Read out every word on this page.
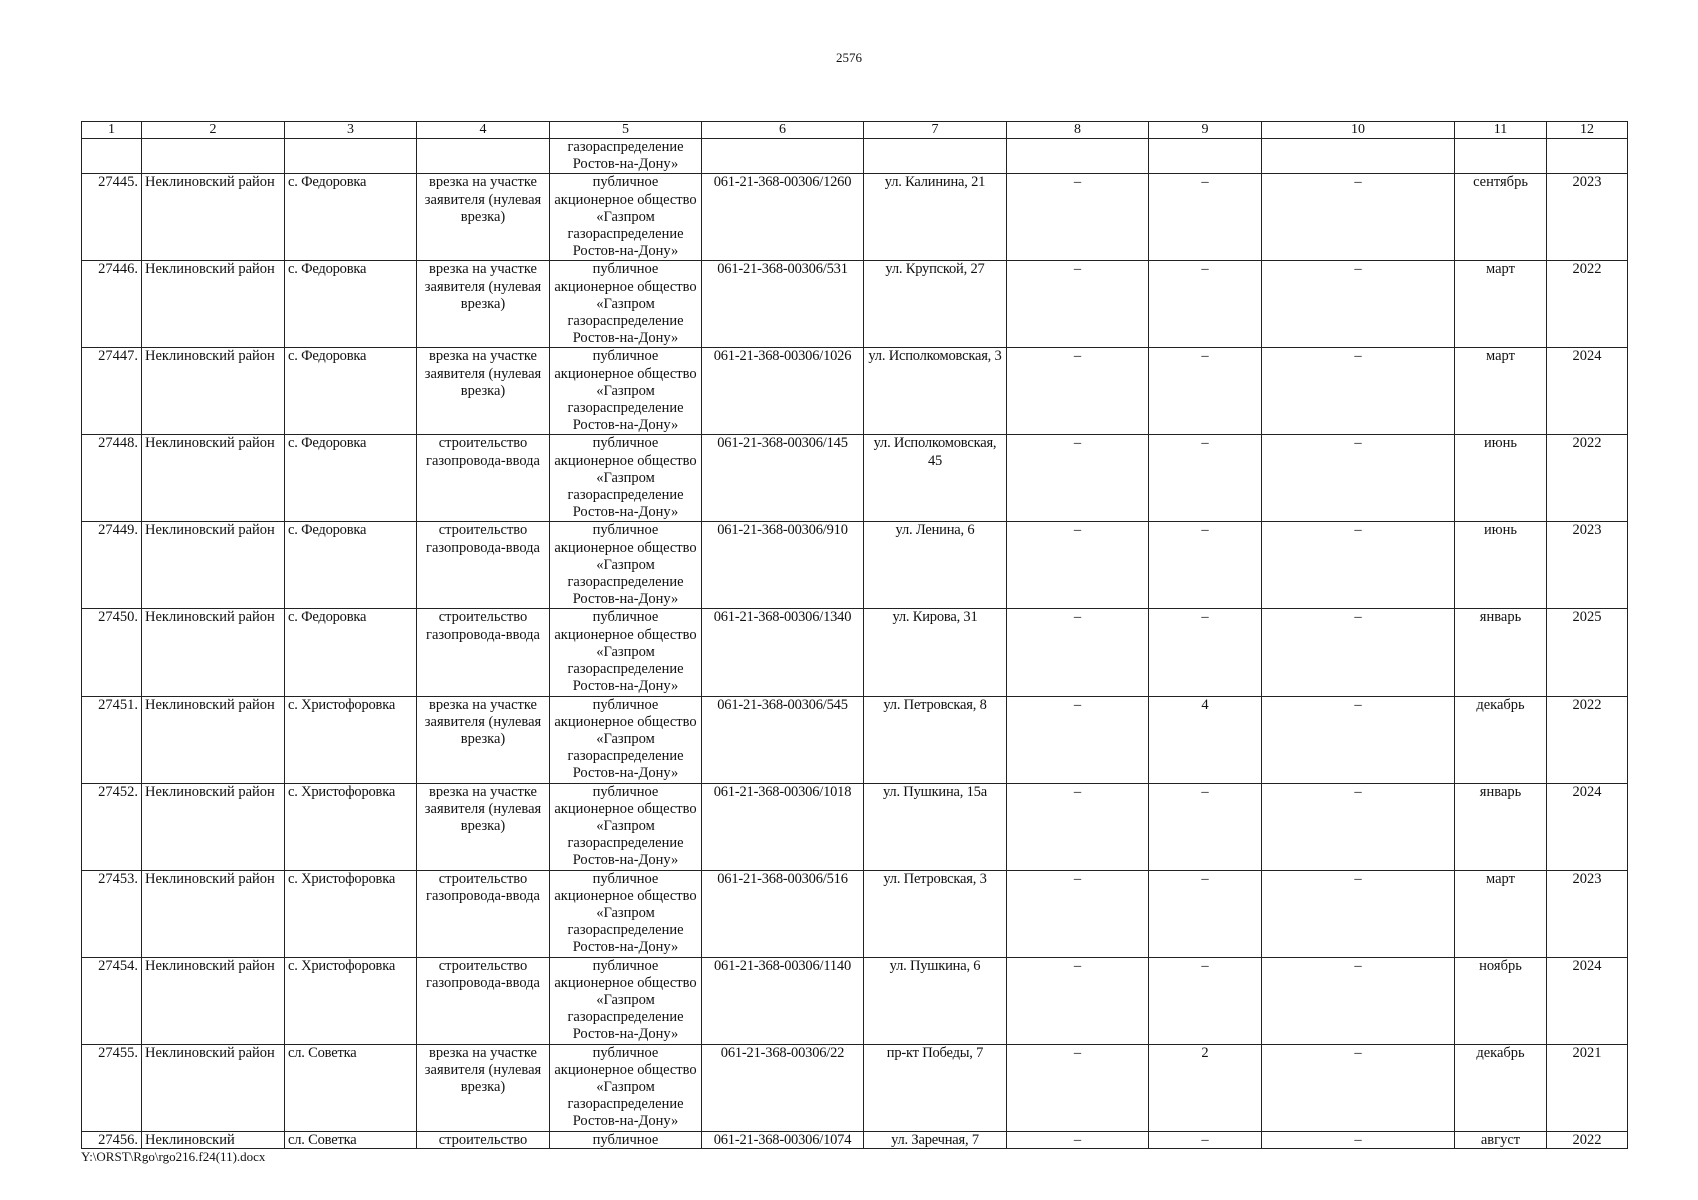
2576
1	2	3	4	5	6	7	8	9	10	11	12
				газораспределение Ростов-на-Дону»							
27445.	Неклиновский район	с. Федоровка	врезка на участке заявителя (нулевая врезка)	публичное акционерное общество «Газпром газораспределение Ростов-на-Дону»	061-21-368-00306/1260	ул. Калинина, 21	–	–	–	сентябрь	2023
27446.	Неклиновский район	с. Федоровка	врезка на участке заявителя (нулевая врезка)	публичное акционерное общество «Газпром газораспределение Ростов-на-Дону»	061-21-368-00306/531	ул. Крупской, 27	–	–	–	март	2022
27447.	Неклиновский район	с. Федоровка	врезка на участке заявителя (нулевая врезка)	публичное акционерное общество «Газпром газораспределение Ростов-на-Дону»	061-21-368-00306/1026	ул. Исполкомовская, 3	–	–	–	март	2024
27448.	Неклиновский район	с. Федоровка	строительство газопровода-ввода	публичное акционерное общество «Газпром газораспределение Ростов-на-Дону»	061-21-368-00306/145	ул. Исполкомовская, 45	–	–	–	июнь	2022
27449.	Неклиновский район	с. Федоровка	строительство газопровода-ввода	публичное акционерное общество «Газпром газораспределение Ростов-на-Дону»	061-21-368-00306/910	ул. Ленина, 6	–	–	–	июнь	2023
27450.	Неклиновский район	с. Федоровка	строительство газопровода-ввода	публичное акционерное общество «Газпром газораспределение Ростов-на-Дону»	061-21-368-00306/1340	ул. Кирова, 31	–	–	–	январь	2025
27451.	Неклиновский район	с. Христофоровка	врезка на участке заявителя (нулевая врезка)	публичное акционерное общество «Газпром газораспределение Ростов-на-Дону»	061-21-368-00306/545	ул. Петровская, 8	–	4	–	декабрь	2022
27452.	Неклиновский район	с. Христофоровка	врезка на участке заявителя (нулевая врезка)	публичное акционерное общество «Газпром газораспределение Ростов-на-Дону»	061-21-368-00306/1018	ул. Пушкина, 15а	–	–	–	январь	2024
27453.	Неклиновский район	с. Христофоровка	строительство газопровода-ввода	публичное акционерное общество «Газпром газораспределение Ростов-на-Дону»	061-21-368-00306/516	ул. Петровская, 3	–	–	–	март	2023
27454.	Неклиновский район	с. Христофоровка	строительство газопровода-ввода	публичное акционерное общество «Газпром газораспределение Ростов-на-Дону»	061-21-368-00306/1140	ул. Пушкина, 6	–	–	–	ноябрь	2024
27455.	Неклиновский район	сл. Советка	врезка на участке заявителя (нулевая врезка)	публичное акционерное общество «Газпром газораспределение Ростов-на-Дону»	061-21-368-00306/22	пр-кт Победы, 7	–	2	–	декабрь	2021
27456.	Неклиновский	сл. Советка	строительство	публичное	061-21-368-00306/1074	ул. Заречная, 7	–	–	–	август	2022
Y:\ORST\Rgo\rgo216.f24(11).docx
